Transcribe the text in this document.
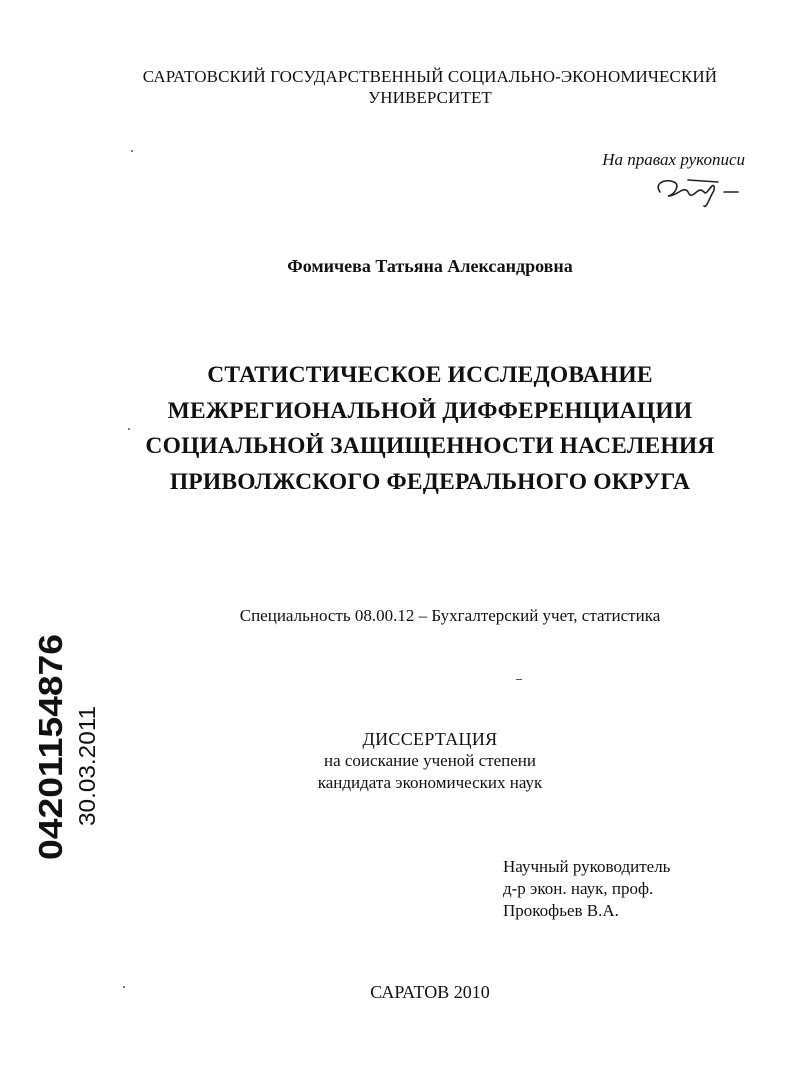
САРАТОВСКИЙ ГОСУДАРСТВЕННЫЙ СОЦИАЛЬНО-ЭКОНОМИЧЕСКИЙ
УНИВЕРСИТЕТ
На правах рукописи
Фомичева Татьяна Александровна
СТАТИСТИЧЕСКОЕ ИССЛЕДОВАНИЕ
МЕЖРЕГИОНАЛЬНОЙ ДИФФЕРЕНЦИАЦИИ
СОЦИАЛЬНОЙ ЗАЩИЩЕННОСТИ НАСЕЛЕНИЯ
ПРИВОЛЖСКОГО ФЕДЕРАЛЬНОГО ОКРУГА
Специальность 08.00.12 – Бухгалтерский учет, статистика
ДИССЕРТАЦИЯ
на соискание ученой степени
кандидата экономических наук
Научный руководитель
д-р экон. наук, проф.
Прокофьев В.А.
САРАТОВ 2010
04201154876 30.03.2011
